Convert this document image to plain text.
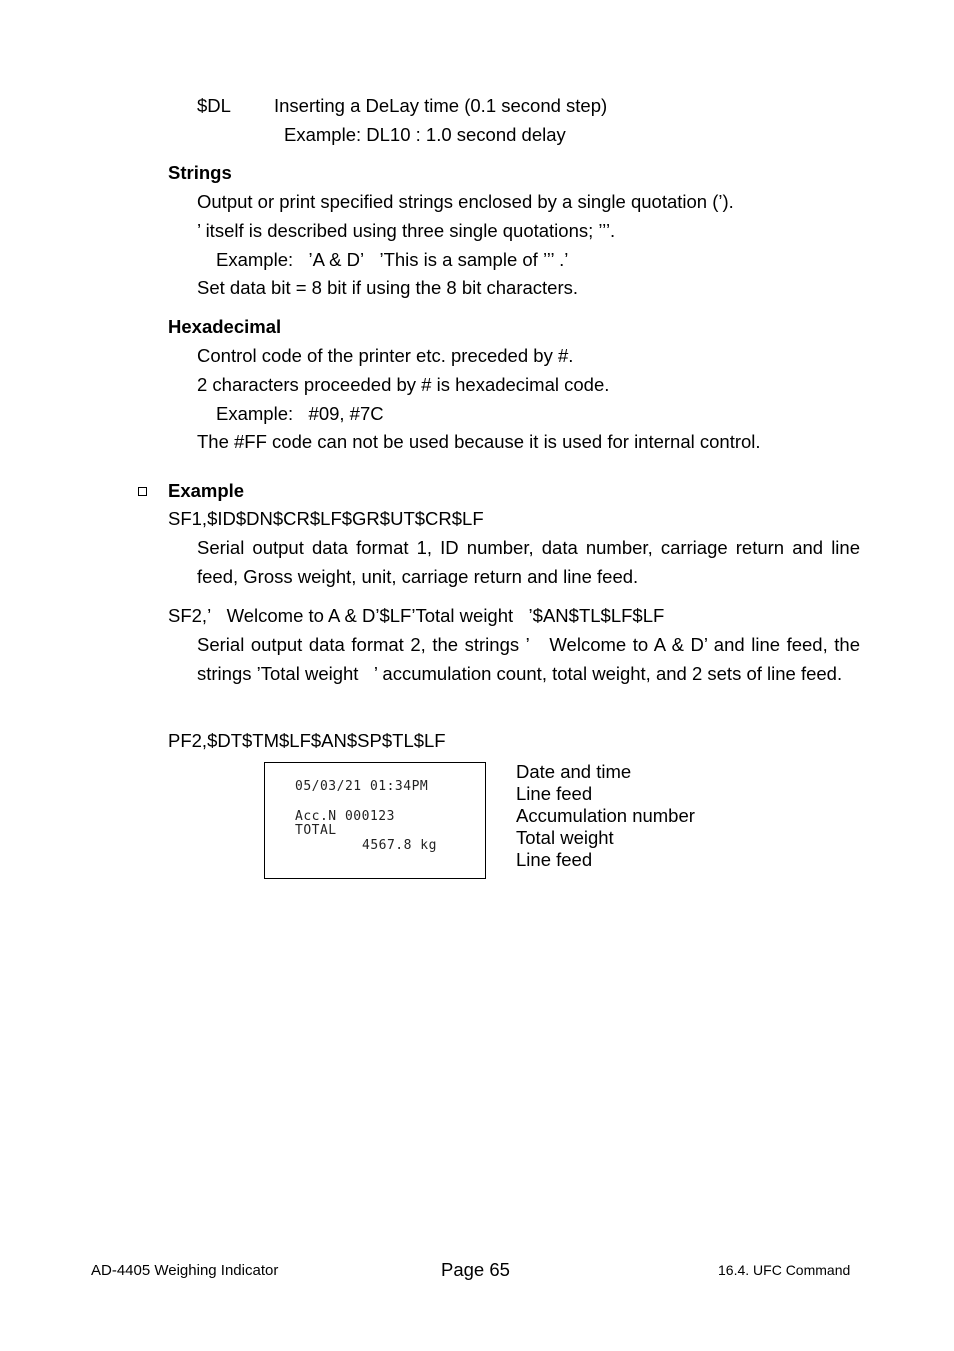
$DL Inserting a DeLay time (0.1 second step)
Example: DL10 : 1.0 second delay
Strings
Output or print specified strings enclosed by a single quotation (’).
’ itself is described using three single quotations; ’’’.
Example:   ’A & D’   ’This is a sample of ’’’ .’
Set data bit = 8 bit if using the 8 bit characters.
Hexadecimal
Control code of the printer etc. preceded by #.
2 characters proceeded by # is hexadecimal code.
Example:   #09, #7C
The #FF code can not be used because it is used for internal control.
Example
SF1,$ID$DN$CR$LF$GR$UT$CR$LF
Serial output data format 1, ID number, data number, carriage return and line feed, Gross weight, unit, carriage return and line feed.
SF2,’   Welcome to A & D’$LF’Total weight   ’$AN$TL$LF$LF
Serial output data format 2, the strings ’   Welcome to A & D’ and line feed, the strings ’Total weight   ’ accumulation count, total weight, and 2 sets of line feed.
PF2,$DT$TM$LF$AN$SP$TL$LF
05/03/21 01:34PM
Acc.N 000123
TOTAL
4567.8 kg
Date and time
Line feed
Accumulation number
Total weight
Line feed
AD-4405 Weighing Indicator	Page 65	16.4. UFC Command
